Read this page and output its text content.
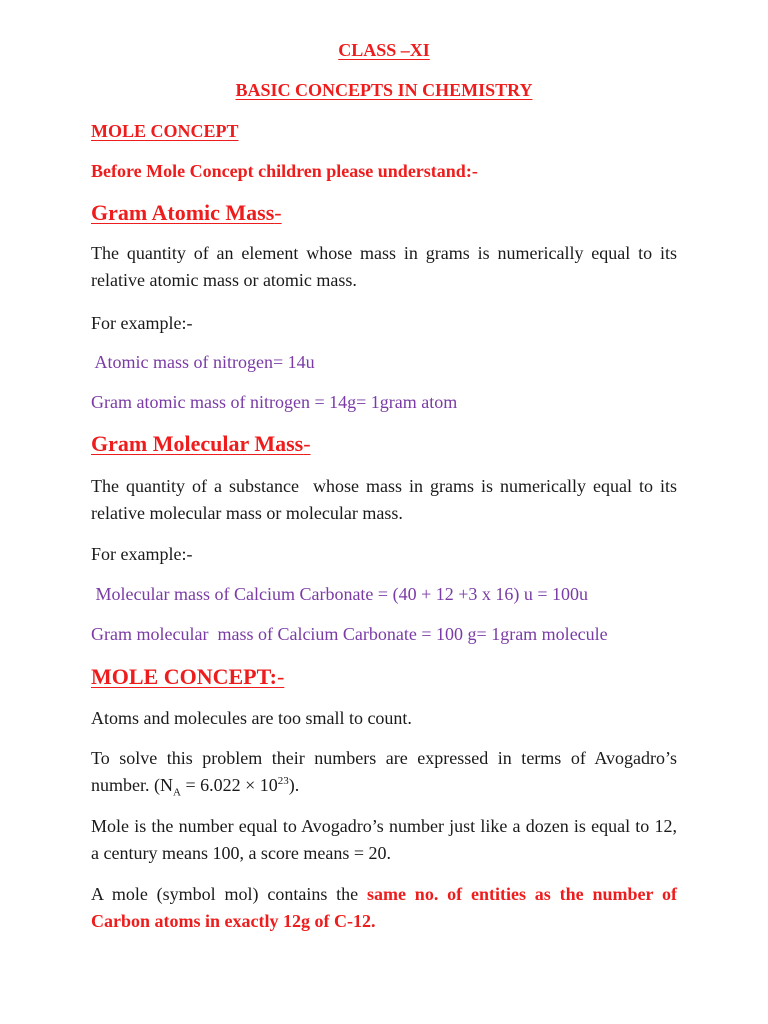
CLASS –XI
BASIC CONCEPTS IN CHEMISTRY
MOLE CONCEPT
Before Mole Concept children please understand:-
Gram Atomic Mass-
The quantity of an element whose mass in grams is numerically equal to its relative atomic mass or atomic mass.
For example:-
Atomic mass of nitrogen= 14u
Gram atomic mass of nitrogen = 14g= 1gram atom
Gram Molecular Mass-
The quantity of a substance  whose mass in grams is numerically equal to its relative molecular mass or molecular mass.
For example:-
Molecular mass of Calcium Carbonate = (40 + 12 +3 x 16) u = 100u
Gram molecular  mass of Calcium Carbonate = 100 g= 1gram molecule
MOLE CONCEPT:-
Atoms and molecules are too small to count.
To solve this problem their numbers are expressed in terms of Avogadro’s number. $(N_A = 6.022 \times 10^{23})$.
Mole is the number equal to Avogadro’s number just like a dozen is equal to 12, a century means 100, a score means = 20.
A mole (symbol mol) contains the same no. of entities as the number of Carbon atoms in exactly 12g of C-12.
